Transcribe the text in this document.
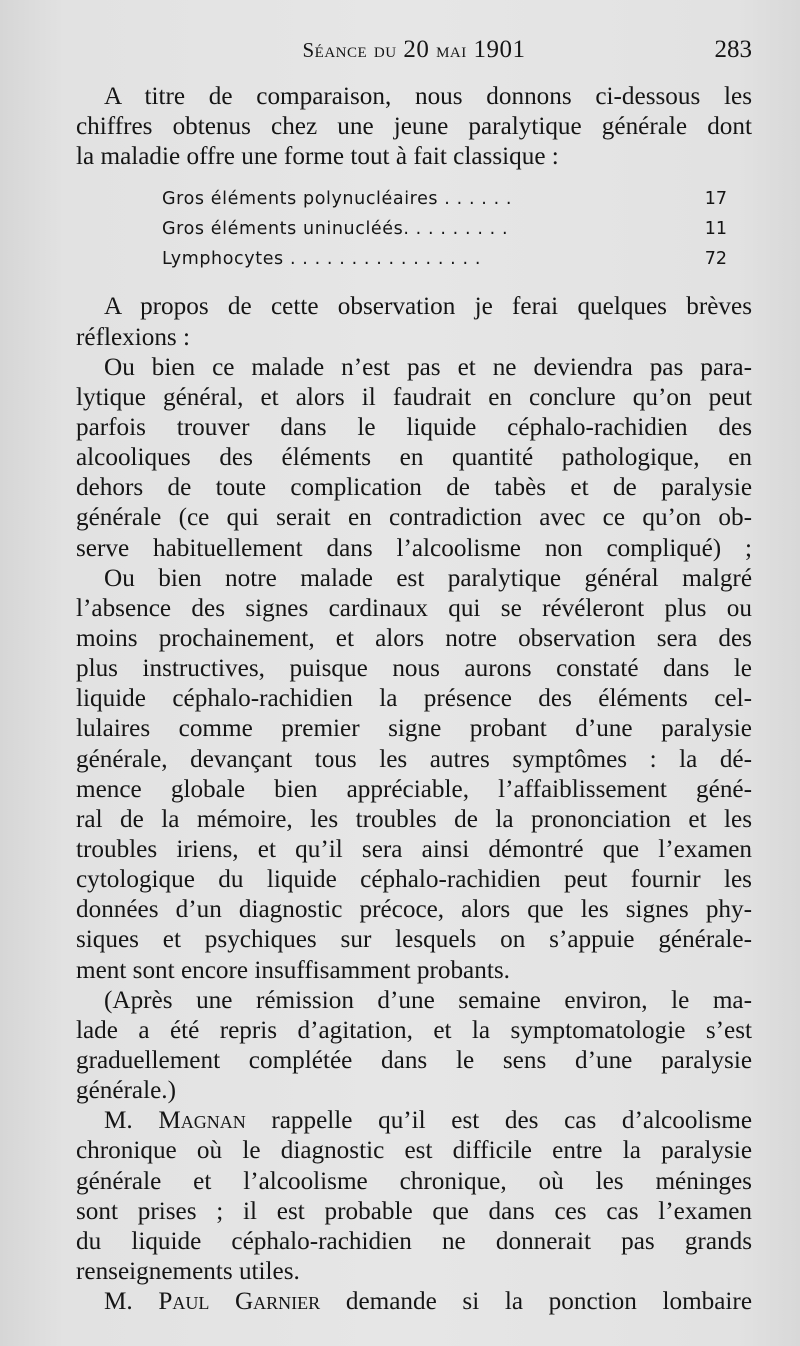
Séance du 20 mai 1901	283
A titre de comparaison, nous donnons ci-dessous les
chiffres obtenus chez une jeune paralytique générale dont
la maladie offre une forme tout à fait classique :
Gros éléments polynucléaires . . . . . .	17
Gros éléments uninucléés. . . . . . . . .	11
Lymphocytes . . . . . . . . . . . . . . . .	72
A propos de cette observation je ferai quelques brèves
réflexions :
Ou bien ce malade n’est pas et ne deviendra pas para-
lytique général, et alors il faudrait en conclure qu’on peut
parfois trouver dans le liquide céphalo-rachidien des
alcooliques des éléments en quantité pathologique, en
dehors de toute complication de tabès et de paralysie
générale (ce qui serait en contradiction avec ce qu’on ob-
serve habituellement dans l’alcoolisme non compliqué) ;
Ou bien notre malade est paralytique général malgré
l’absence des signes cardinaux qui se révéleront plus ou
moins prochainement, et alors notre observation sera des
plus instructives, puisque nous aurons constaté dans le
liquide céphalo-rachidien la présence des éléments cel-
lulaires comme premier signe probant d’une paralysie
générale, devançant tous les autres symptômes : la dé-
mence globale bien appréciable, l’affaiblissement géné-
ral de la mémoire, les troubles de la prononciation et les
troubles iriens, et qu’il sera ainsi démontré que l’examen
cytologique du liquide céphalo-rachidien peut fournir les
données d’un diagnostic précoce, alors que les signes phy-
siques et psychiques sur lesquels on s’appuie générale-
ment sont encore insuffisamment probants.
(Après une rémission d’une semaine environ, le ma-
lade a été repris d’agitation, et la symptomatologie s’est
graduellement complétée dans le sens d’une paralysie
générale.)
M. Magnan rappelle qu’il est des cas d’alcoolisme
chronique où le diagnostic est difficile entre la paralysie
générale et l’alcoolisme chronique, où les méninges
sont prises ; il est probable que dans ces cas l’examen
du liquide céphalo-rachidien ne donnerait pas grands
renseignements utiles.
M. Paul Garnier demande si la ponction lombaire
